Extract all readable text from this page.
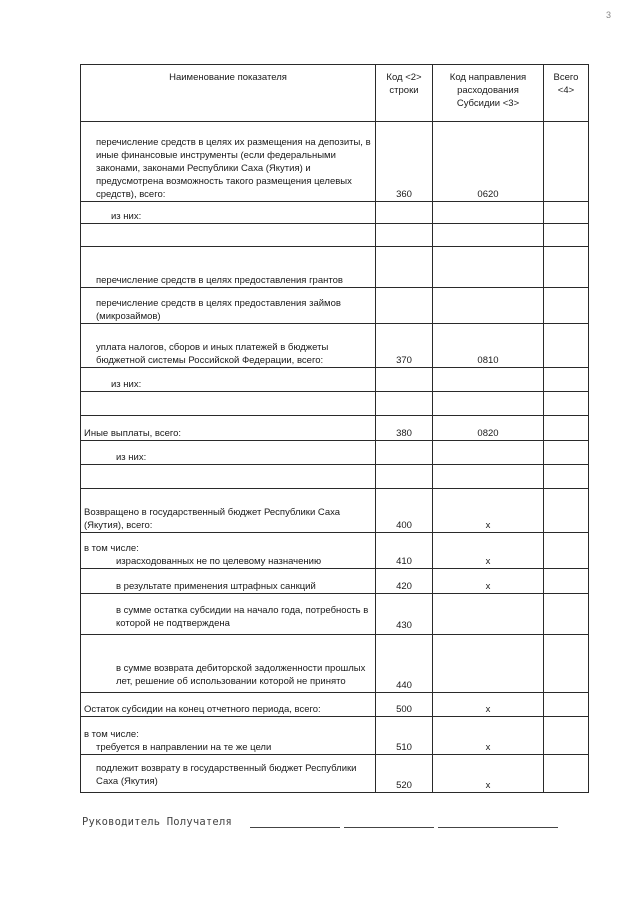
3
Наименование показателя	Код <2> строки	Код направления расходования Субсидии <3>	Всего <4>
перечисление средств в целях их размещения на депозиты, в иные финансовые инструменты (если федеральными законами, законами Республики Саха (Якутия) и предусмотрена возможность такого размещения целевых средств), всего:	360	0620	
из них:			

перечисление средств в целях предоставления грантов			
перечисление средств в целях предоставления займов (микрозаймов)			
уплата налогов, сборов и иных платежей в бюджеты бюджетной системы Российской Федерации, всего:	370	0810	
из них:			

Иные выплаты, всего:	380	0820	
из них:			

Возвращено в государственный бюджет Республики Саха (Якутия), всего:	400	x	

в том числе:
израсходованных не по целевому назначению	410	x	
в результате применения штрафных санкций	420	x	
в сумме остатка субсидии на начало года, потребность в которой не подтверждена	430		
в сумме возврата дебиторской задолженности прошлых лет, решение об использовании которой не принято	440		
Остаток субсидии на конец отчетного периода, всего:	500	x	

в том числе:
требуется в направлении на те же цели	510	x	
подлежит возврату в государственный бюджет Республики Саха (Якутия)	520	x	
Руководитель Получателя
